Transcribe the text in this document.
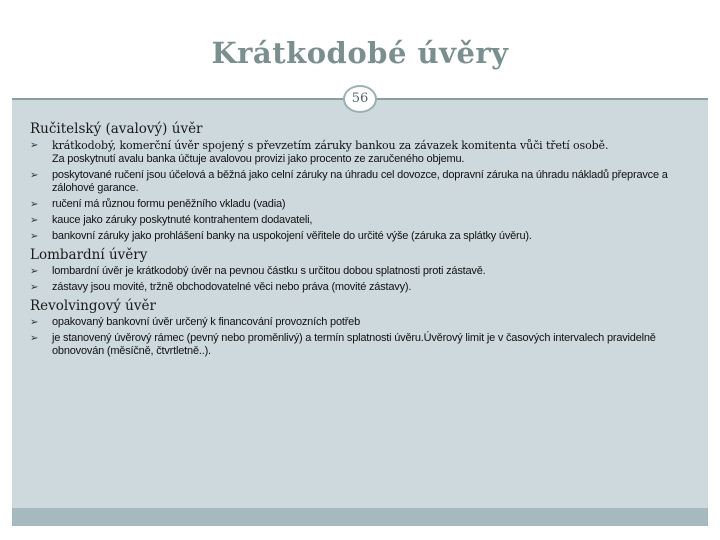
Krátkodobé úvěry
56
Ručitelský (avalový) úvěr
➢ krátkodobý, komerční úvěr spojený s převzetím záruky bankou za závazek komitenta vůči třetí osobě.
Za poskytnutí avalu banka účtuje avalovou provizi jako procento ze zaručeného objemu.
➢ poskytované ručení jsou účelová a běžná jako celní záruky na úhradu cel dovozce, dopravní záruka na úhradu nákladů přepravce a zálohové garance.
➢ ručení má různou formu peněžního vkladu (vadia)
➢ kauce jako záruky poskytnuté kontrahentem dodavateli,
➢ bankovní záruky jako prohlášení banky na uspokojení věřitele do určité výše (záruka za splátky úvěru).
Lombardní úvěry
➢ lombardní úvěr je krátkodobý úvěr na pevnou částku s určitou dobou splatnosti proti zástavě.
➢ zástavy jsou movité, tržně obchodovatelné věci nebo práva (movité zástavy).
Revolvingový úvěr
➢ opakovaný bankovní úvěr určený k financování provozních potřeb
➢ je stanovený úvěrový rámec (pevný nebo proměnlivý) a termín splatnosti úvěru.Úvěrový limit je v časových intervalech pravidelně obnovován (měsíčně, čtvrtletně..).
